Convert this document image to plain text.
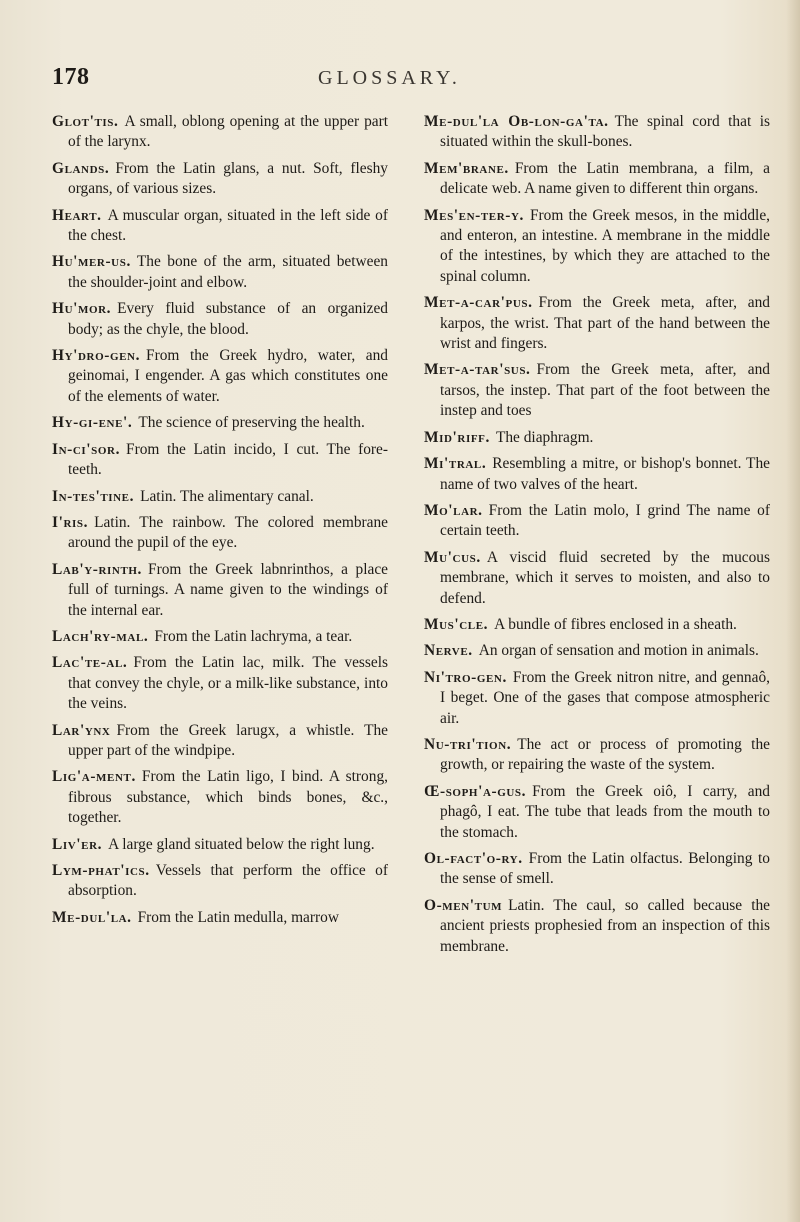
178	GLOSSARY.

Glot'tis. A small, oblong opening at the upper part of the larynx.

Glands. From the Latin glans, a nut. Soft, fleshy organs, of various sizes.

Heart. A muscular organ, situated in the left side of the chest.

Hu'mer-us. The bone of the arm, situated between the shoulder-joint and elbow.

Hu'mor. Every fluid substance of an organized body; as the chyle, the blood.

Hy'dro-gen. From the Greek hydro, water, and geinomai, I engender. A gas which constitutes one of the elements of water.

Hy-gi-ene'. The science of preserving the health.

In-ci'sor. From the Latin incido, I cut. The fore-teeth.

In-tes'tine. Latin. The alimentary canal.

I'ris. Latin. The rainbow. The colored membrane around the pupil of the eye.

Lab'y-rinth. From the Greek labnrinthos, a place full of turnings. A name given to the windings of the internal ear.

Lach'ry-mal. From the Latin lachryma, a tear.

Lac'te-al. From the Latin lac, milk. The vessels that convey the chyle, or a milk-like substance, into the veins.

Lar'ynx From the Greek larugx, a whistle. The upper part of the windpipe.

Lig'a-ment. From the Latin ligo, I bind. A strong, fibrous substance, which binds bones, &c., together.

Liv'er. A large gland situated below the right lung.

Lym-phat'ics. Vessels that perform the office of absorption.

Me-dul'la. From the Latin medulla, marrow

Me-dul'la Ob-lon-ga'ta. The spinal cord that is situated within the skull-bones.

Mem'brane. From the Latin membrana, a film, a delicate web. A name given to different thin organs.

Mes'en-ter-y. From the Greek mesos, in the middle, and enteron, an intestine. A membrane in the middle of the intestines, by which they are attached to the spinal column.

Met-a-car'pus. From the Greek meta, after, and karpos, the wrist. That part of the hand between the wrist and fingers.

Met-a-tar'sus. From the Greek meta, after, and tarsos, the instep. That part of the foot between the instep and toes

Mid'riff. The diaphragm.

Mi'tral. Resembling a mitre, or bishop's bonnet. The name of two valves of the heart.

Mo'lar. From the Latin molo, I grind The name of certain teeth.

Mu'cus. A viscid fluid secreted by the mucous membrane, which it serves to moisten, and also to defend.

Mus'cle. A bundle of fibres enclosed in a sheath.

Nerve. An organ of sensation and motion in animals.

Ni'tro-gen. From the Greek nitron nitre, and gennaô, I beget. One of the gases that compose atmospheric air.

Nu-tri'tion. The act or process of promoting the growth, or repairing the waste of the system.

Œ-soph'a-gus. From the Greek oiô, I carry, and phagô, I eat. The tube that leads from the mouth to the stomach.

Ol-fact'o-ry. From the Latin olfactus. Belonging to the sense of smell.

O-men'tum Latin. The caul, so called because the ancient priests prophesied from an inspection of this membrane.
